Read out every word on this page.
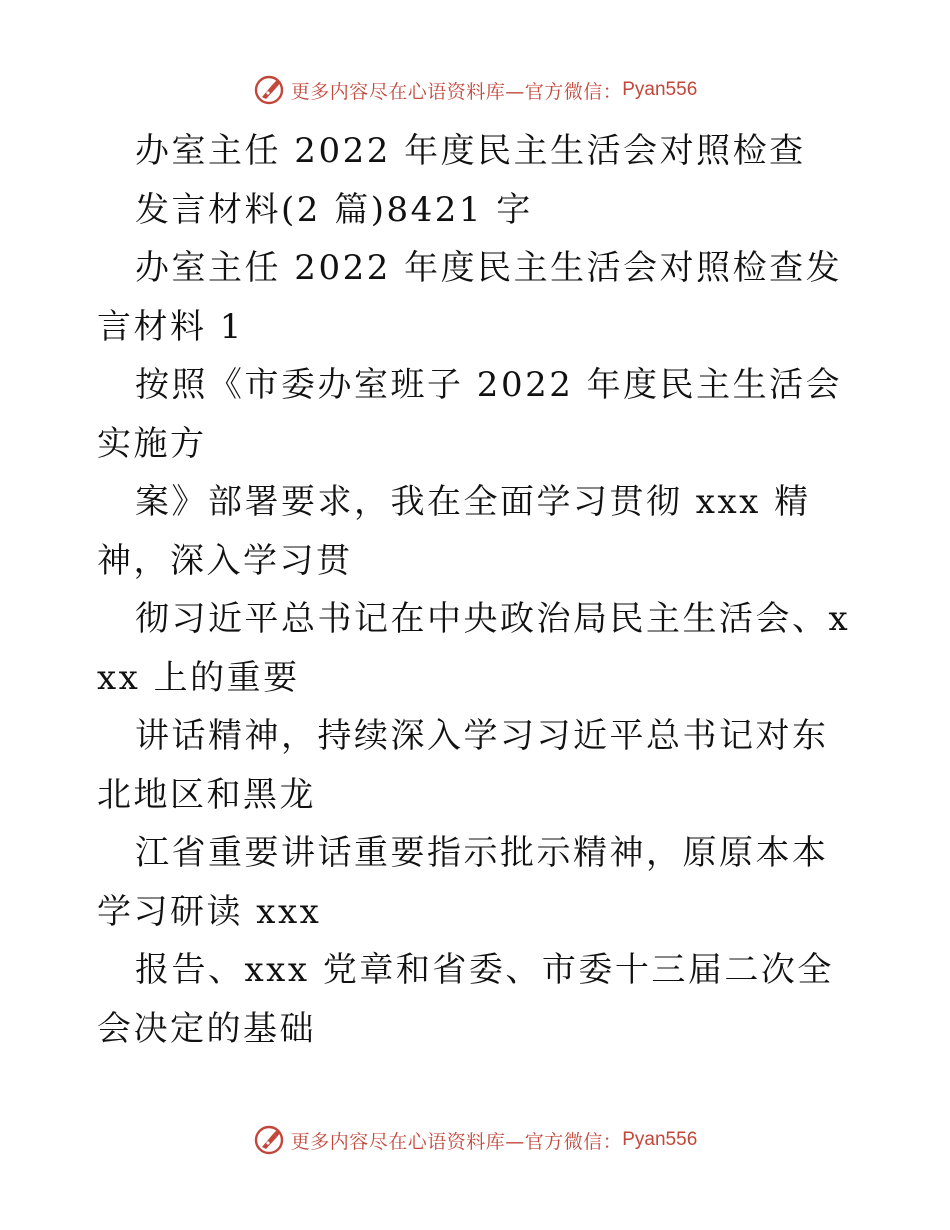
更多内容尽在心语资料库—官方微信： Pyan556

办室主任 2022 年度民主生活会对照检查

发言材料(2 篇)8421 字

办室主任 2022 年度民主生活会对照检查发言材料 1

按照《市委办室班子 2022 年度民主生活会实施方

案》部署要求，我在全面学习贯彻 xxx 精神，深入学习贯

彻习近平总书记在中央政治局民主生活会、xxx 上的重要

讲话精神，持续深入学习习近平总书记对东北地区和黑龙

江省重要讲话重要指示批示精神，原原本本学习研读 xxx

报告、xxx 党章和省委、市委十三届二次全会决定的基础

更多内容尽在心语资料库—官方微信： Pyan556
